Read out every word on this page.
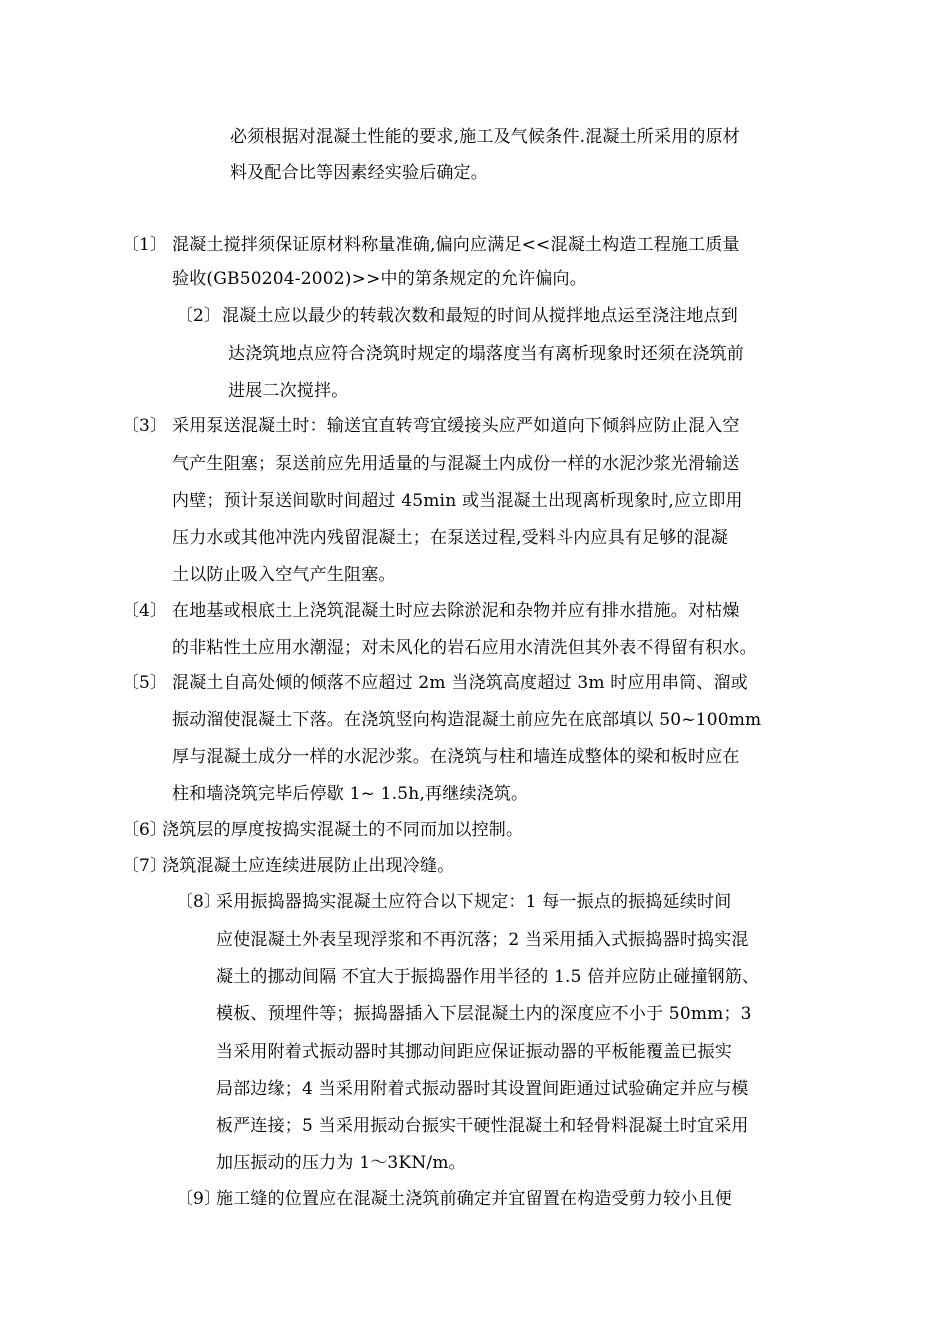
必须根据对混凝土性能的要求,施工及气候条件.混凝土所采用的原材
料及配合比等因素经实验后确定。
〔1〕 混凝土搅拌须保证原材料称量准确,偏向应满足<<混凝土构造工程施工质量
验收(GB50204-2002)>>中的第条规定的允许偏向。
〔2〕 混凝土应以最少的转载次数和最短的时间从搅拌地点运至浇注地点到
达浇筑地点应符合浇筑时规定的塌落度当有离析现象时还须在浇筑前
进展二次搅拌。
〔3〕 采用泵送混凝土时：输送宜直转弯宜缓接头应严如道向下倾斜应防止混入空
气产生阻塞；泵送前应先用适量的与混凝土内成份一样的水泥沙浆光滑输送
内壁；预计泵送间歇时间超过 45min 或当混凝土出现离析现象时,应立即用
压力水或其他冲洗内残留混凝土；在泵送过程,受料斗内应具有足够的混凝
土以防止吸入空气产生阻塞。
〔4〕 在地基或根底土上浇筑混凝土时应去除淤泥和杂物并应有排水措施。对枯燥
的非粘性土应用水潮湿；对未风化的岩石应用水清洗但其外表不得留有积水。
〔5〕 混凝土自高处倾的倾落不应超过 2m 当浇筑高度超过 3m 时应用串筒、溜或
振动溜使混凝土下落。在浇筑竖向构造混凝土前应先在底部填以 50~100mm
厚与混凝土成分一样的水泥沙浆。在浇筑与柱和墙连成整体的梁和板时应在
柱和墙浇筑完毕后停歇 1~ 1.5h,再继续浇筑。
〔6〕
浇筑层的厚度按捣实混凝土的不同而加以控制。
〔7〕
浇筑混凝土应连续进展防止出现冷缝。
〔8〕
采用振捣器捣实混凝土应符合以下规定：1 每一振点的振捣延续时间
应使混凝土外表呈现浮浆和不再沉落；2 当采用插入式振捣器时捣实混
凝土的挪动间隔 不宜大于振捣器作用半径的 1.5 倍并应防止碰撞钢筋、
模板、预埋件等；振捣器插入下层混凝土内的深度应不小于 50mm；3
当采用附着式振动器时其挪动间距应保证振动器的平板能覆盖已振实
局部边缘；4 当采用附着式振动器时其设置间距通过试验确定并应与模
板严连接；5 当采用振动台振实干硬性混凝土和轻骨料混凝土时宜采用
加压振动的压力为 1～3KN/m。
〔9〕
施工缝的位置应在混凝土浇筑前确定并宜留置在构造受剪力较小且便
